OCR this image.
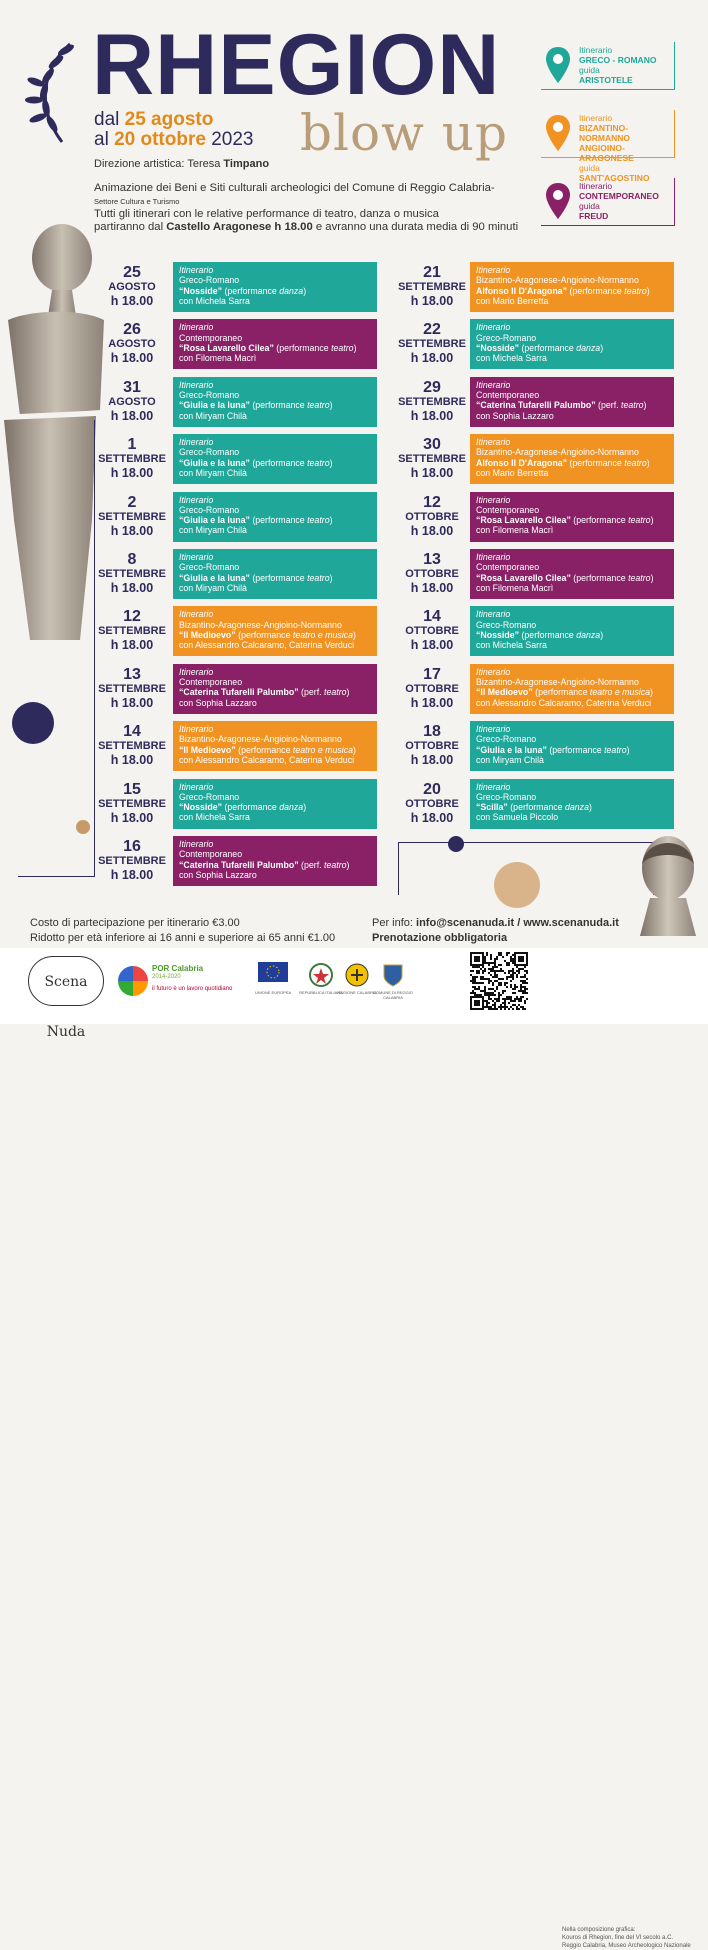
RHEGION
dal 25 agosto
al 20 ottobre 2023 blow up
Direzione artistica: Teresa Timpano
Animazione dei Beni e Siti culturali archeologici del Comune di Reggio Calabria-
Settore Cultura e Turismo
Tutti gli itinerari con le relative performance di teatro, danza o musica
partiranno dal Castello Aragonese h 18.00 e avranno una durata media di 90 minuti
Itinerario
GRECO - ROMANO
guida
ARISTOTELE
Itinerario
BIZANTINO-NORMANNO ANGIOINO-ARAGONESE
guida
SANT'AGOSTINO
Itinerario
CONTEMPORANEO
guida
FREUD
25
AGOSTO
h 18.00
Itinerario
Greco-Romano
“Nosside” (performance danza)
con Michela Sarra
26
AGOSTO
h 18.00
Itinerario
Contemporaneo
“Rosa Lavarello Cilea” (performance teatro)
con Filomena Macrì
31
AGOSTO
h 18.00
Itinerario
Greco-Romano
“Giulia e la luna” (performance teatro)
con Miryam Chilà
1
SETTEMBRE
h 18.00
Itinerario
Greco-Romano
“Giulia e la luna” (performance teatro)
con Miryam Chilà
2
SETTEMBRE
h 18.00
Itinerario
Greco-Romano
“Giulia e la luna” (performance teatro)
con Miryam Chilà
8
SETTEMBRE
h 18.00
Itinerario
Greco-Romano
“Giulia e la luna” (performance teatro)
con Miryam Chilà
12
SETTEMBRE
h 18.00
Itinerario
Bizantino-Aragonese-Angioino-Normanno
“Il Medioevo” (performance teatro e musica)
con Alessandro Calcaramo, Caterina Verduci
13
SETTEMBRE
h 18.00
Itinerario
Contemporaneo
“Caterina Tufarelli Palumbo” (perf. teatro)
con Sophia Lazzaro
14
SETTEMBRE
h 18.00
Itinerario
Bizantino-Aragonese-Angioino-Normanno
“Il Medioevo” (performance teatro e musica)
con Alessandro Calcaramo, Caterina Verduci
15
SETTEMBRE
h 18.00
Itinerario
Greco-Romano
“Nosside” (performance danza)
con Michela Sarra
16
SETTEMBRE
h 18.00
Itinerario
Contemporaneo
“Caterina Tufarelli Palumbo” (perf. teatro)
con Sophia Lazzaro
21
SETTEMBRE
h 18.00
Itinerario
Bizantino-Aragonese-Angioino-Normanno
Alfonso Il D'Aragona” (performance teatro)
con Mario Berretta
22
SETTEMBRE
h 18.00
Itinerario
Greco-Romano
“Nosside” (performance danza)
con Michela Sarra
29
SETTEMBRE
h 18.00
Itinerario
Contemporaneo
“Caterina Tufarelli Palumbo” (perf. teatro)
con Sophia Lazzaro
30
SETTEMBRE
h 18.00
Itinerario
Bizantino-Aragonese-Angioino-Normanno
Alfonso Il D'Aragona” (performance teatro)
con Mario Berretta
12
OTTOBRE
h 18.00
Itinerario
Contemporaneo
“Rosa Lavarello Cilea” (performance teatro)
con Filomena Macrì
13
OTTOBRE
h 18.00
Itinerario
Contemporaneo
“Rosa Lavarello Cilea” (performance teatro)
con Filomena Macrì
14
OTTOBRE
h 18.00
Itinerario
Greco-Romano
“Nosside” (performance danza)
con Michela Sarra
17
OTTOBRE
h 18.00
Itinerario
Bizantino-Aragonese-Angioino-Normanno
“Il Medioevo” (performance teatro e musica)
con Alessandro Calcaramo, Caterina Verduci
18
OTTOBRE
h 18.00
Itinerario
Greco-Romano
“Giulia e la luna” (performance teatro)
con Miryam Chilà
20
OTTOBRE
h 18.00
Itinerario
Greco-Romano
“Scilla” (performance danza)
con Samuela Piccolo
Costo di partecipazione per itinerario €3.00
Ridotto per età inferiore ai 16 anni e superiore ai 65 anni €1.00
Per info: info@scenanuda.it / www.scenanuda.it
Prenotazione obbligatoria
Scena Nuda
POR Calabria
2014-2020
il futuro è un lavoro quotidiano
UNIONE EUROPEA	REPUBBLICA ITALIANA
REGIONE CALABRIA
COMUNE DI REGGIO CALABRIA
Nella composizione grafica:
Kouros di Rhegion, fine del VI secolo a.C.
Reggio Calabria, Museo Archeologico Nazionale
